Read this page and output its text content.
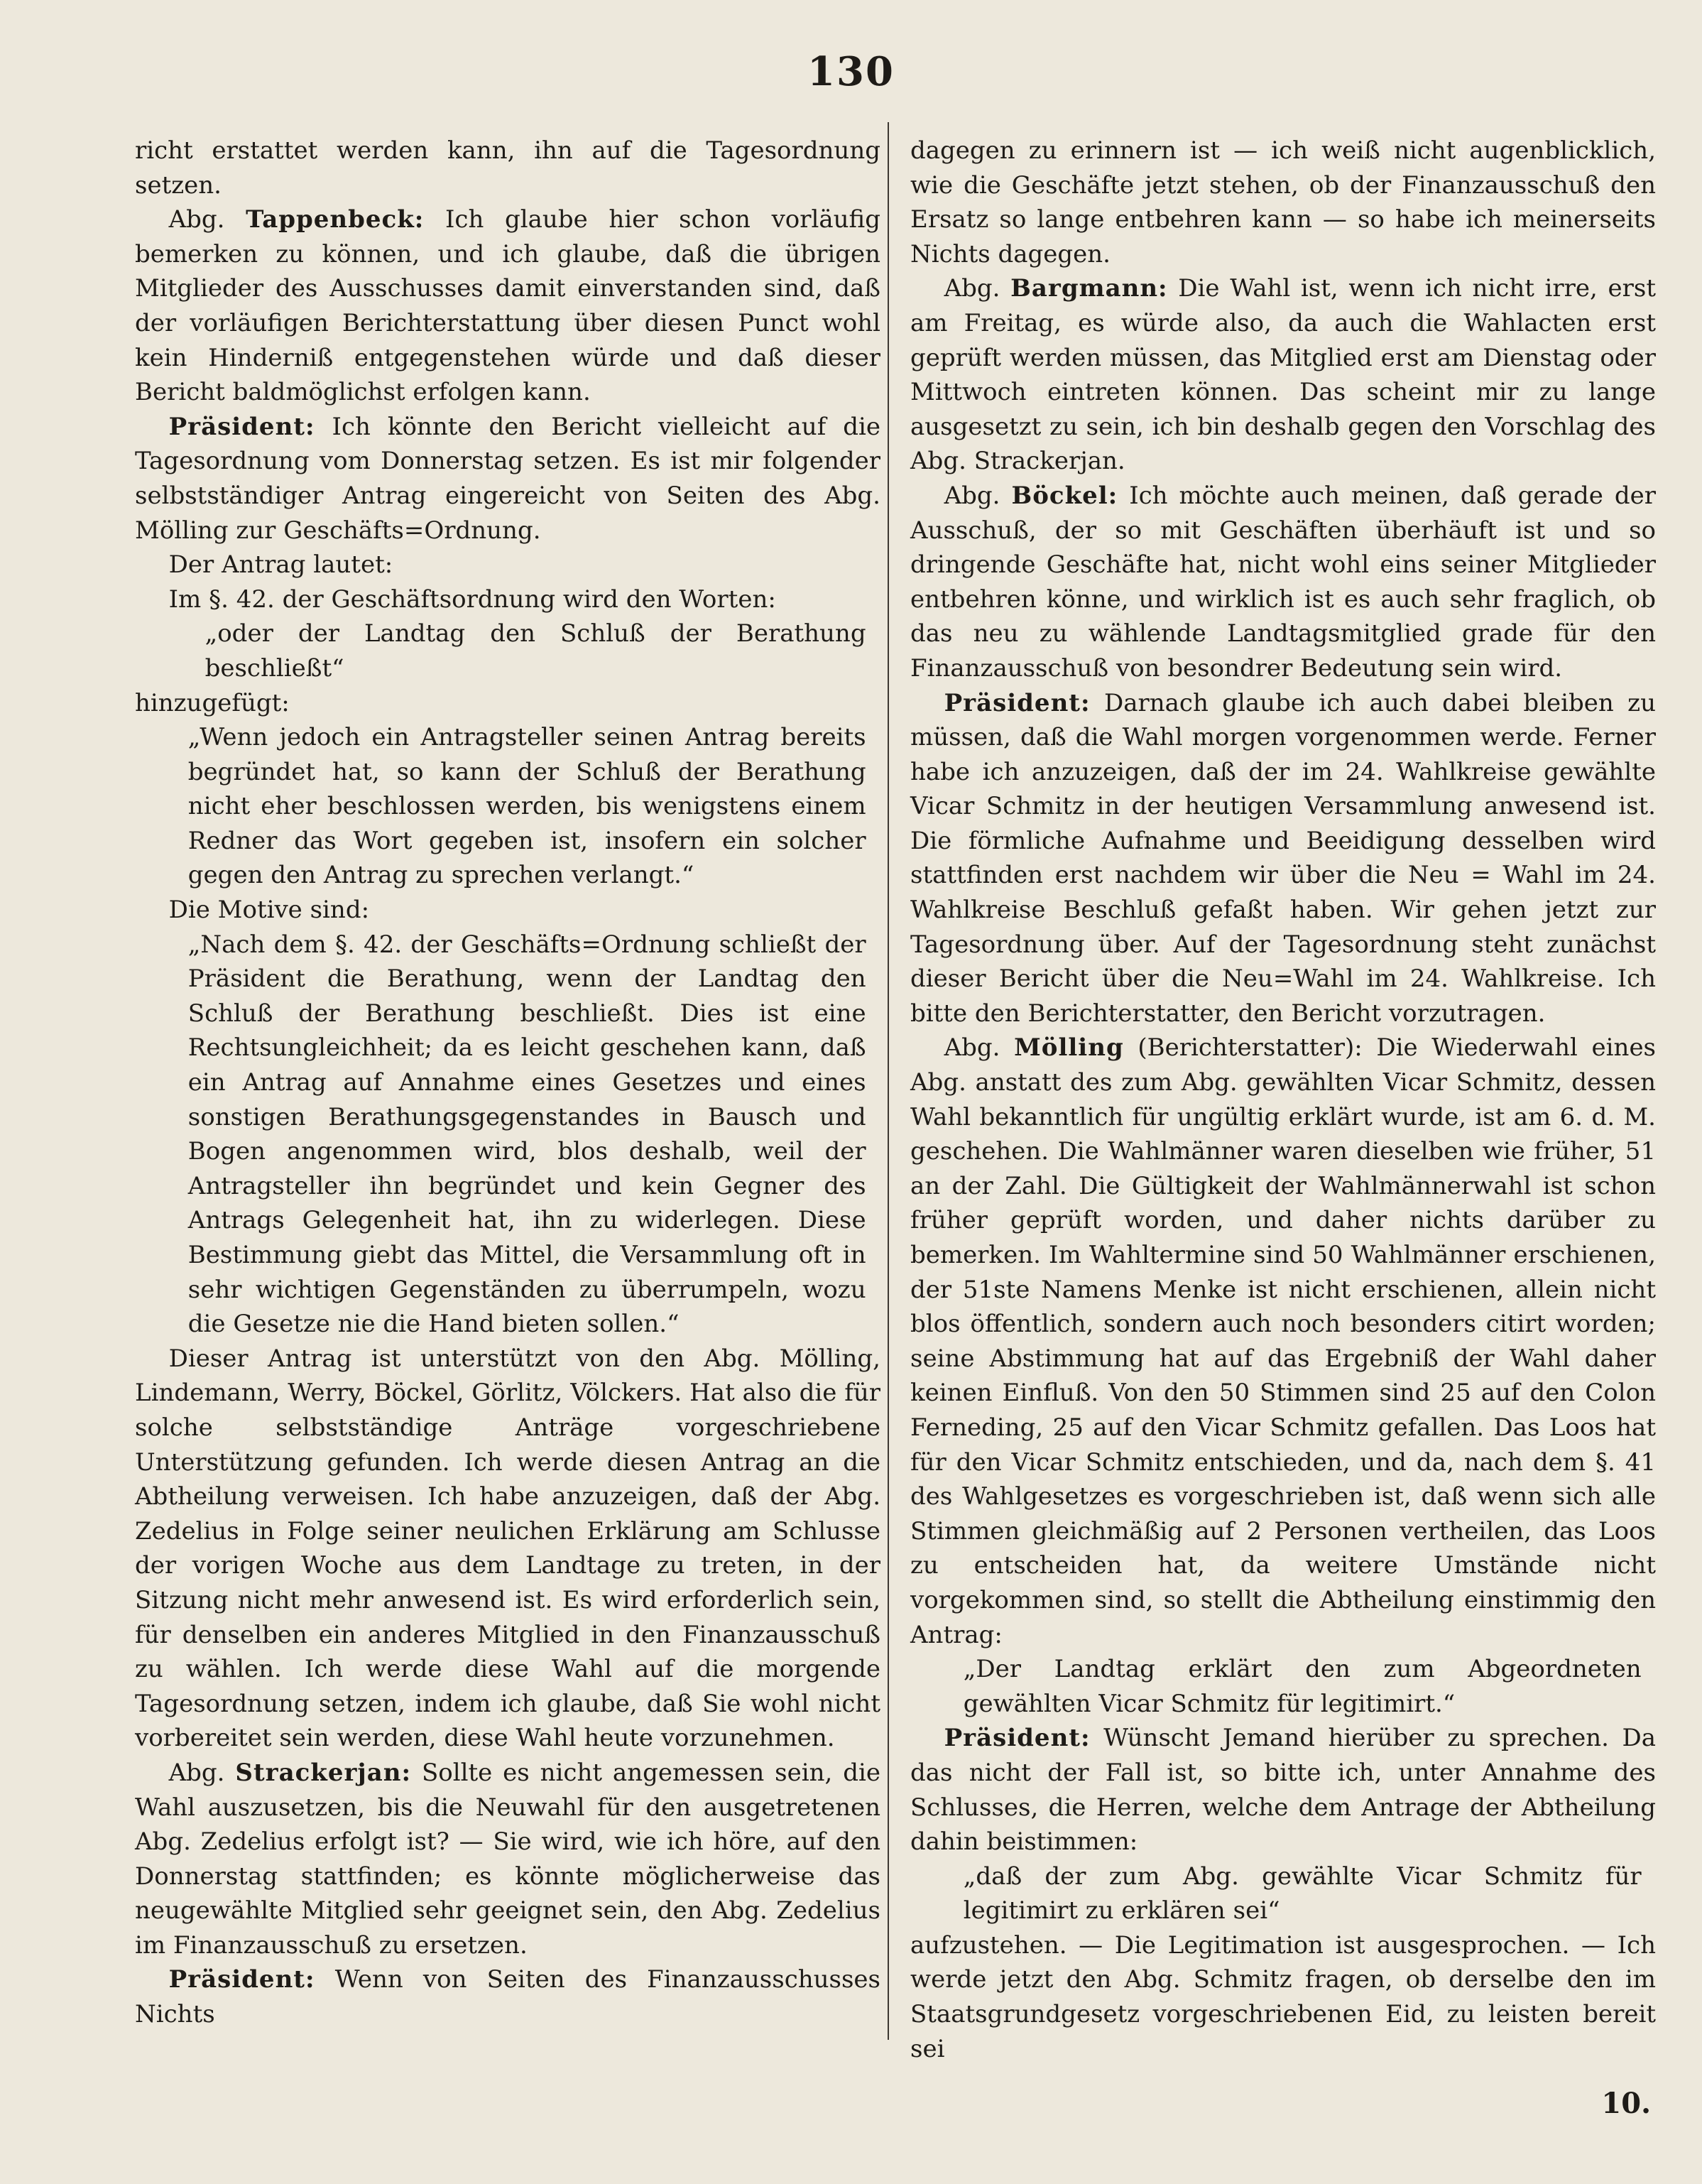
130

richt erstattet werden kann, ihn auf die Tagesordnung setzen.

Abg. Tappenbeck: Ich glaube hier schon vorläufig bemerken zu können, und ich glaube, daß die übrigen Mitglieder des Ausschusses damit einverstanden sind, daß der vorläufigen Berichterstattung über diesen Punct wohl kein Hinderniß entgegenstehen würde und daß dieser Bericht baldmöglichst erfolgen kann.

Präsident: Ich könnte den Bericht vielleicht auf die Tagesordnung vom Donnerstag setzen. Es ist mir folgender selbstständiger Antrag eingereicht von Seiten des Abg. Mölling zur Geschäfts=Ordnung.

Der Antrag lautet:

Im §. 42. der Geschäftsordnung wird den Worten:

„oder der Landtag den Schluß der Berathung beschließt“

hinzugefügt:

„Wenn jedoch ein Antragsteller seinen Antrag bereits begründet hat, so kann der Schluß der Berathung nicht eher beschlossen werden, bis wenigstens einem Redner das Wort gegeben ist, insofern ein solcher gegen den Antrag zu sprechen verlangt.“

Die Motive sind:

„Nach dem §. 42. der Geschäfts=Ordnung schließt der Präsident die Berathung, wenn der Landtag den Schluß der Berathung beschließt. Dies ist eine Rechtsungleichheit; da es leicht geschehen kann, daß ein Antrag auf Annahme eines Gesetzes und eines sonstigen Berathungsgegenstandes in Bausch und Bogen angenommen wird, blos deshalb, weil der Antragsteller ihn begründet und kein Gegner des Antrags Gelegenheit hat, ihn zu widerlegen. Diese Bestimmung giebt das Mittel, die Versammlung oft in sehr wichtigen Gegenständen zu überrumpeln, wozu die Gesetze nie die Hand bieten sollen.“

Dieser Antrag ist unterstützt von den Abg. Mölling, Lindemann, Werry, Böckel, Görlitz, Völckers. Hat also die für solche selbstständige Anträge vorgeschriebene Unterstützung gefunden. Ich werde diesen Antrag an die Abtheilung verweisen. Ich habe anzuzeigen, daß der Abg. Zedelius in Folge seiner neulichen Erklärung am Schlusse der vorigen Woche aus dem Landtage zu treten, in der Sitzung nicht mehr anwesend ist. Es wird erforderlich sein, für denselben ein anderes Mitglied in den Finanzausschuß zu wählen. Ich werde diese Wahl auf die morgende Tagesordnung setzen, indem ich glaube, daß Sie wohl nicht vorbereitet sein werden, diese Wahl heute vorzunehmen.

Abg. Strackerjan: Sollte es nicht angemessen sein, die Wahl auszusetzen, bis die Neuwahl für den ausgetretenen Abg. Zedelius erfolgt ist? — Sie wird, wie ich höre, auf den Donnerstag stattfinden; es könnte möglicherweise das neugewählte Mitglied sehr geeignet sein, den Abg. Zedelius im Finanzausschuß zu ersetzen.

Präsident: Wenn von Seiten des Finanzausschusses Nichts

dagegen zu erinnern ist — ich weiß nicht augenblicklich, wie die Geschäfte jetzt stehen, ob der Finanzausschuß den Ersatz so lange entbehren kann — so habe ich meinerseits Nichts dagegen.

Abg. Bargmann: Die Wahl ist, wenn ich nicht irre, erst am Freitag, es würde also, da auch die Wahlacten erst geprüft werden müssen, das Mitglied erst am Dienstag oder Mittwoch eintreten können. Das scheint mir zu lange ausgesetzt zu sein, ich bin deshalb gegen den Vorschlag des Abg. Strackerjan.

Abg. Böckel: Ich möchte auch meinen, daß gerade der Ausschuß, der so mit Geschäften überhäuft ist und so dringende Geschäfte hat, nicht wohl eins seiner Mitglieder entbehren könne, und wirklich ist es auch sehr fraglich, ob das neu zu wählende Landtagsmitglied grade für den Finanzausschuß von besondrer Bedeutung sein wird.

Präsident: Darnach glaube ich auch dabei bleiben zu müssen, daß die Wahl morgen vorgenommen werde. Ferner habe ich anzuzeigen, daß der im 24. Wahlkreise gewählte Vicar Schmitz in der heutigen Versammlung anwesend ist. Die förmliche Aufnahme und Beeidigung desselben wird stattfinden erst nachdem wir über die Neu = Wahl im 24. Wahlkreise Beschluß gefaßt haben. Wir gehen jetzt zur Tagesordnung über. Auf der Tagesordnung steht zunächst dieser Bericht über die Neu=Wahl im 24. Wahlkreise. Ich bitte den Berichterstatter, den Bericht vorzutragen.

Abg. Mölling (Berichterstatter): Die Wiederwahl eines Abg. anstatt des zum Abg. gewählten Vicar Schmitz, dessen Wahl bekanntlich für ungültig erklärt wurde, ist am 6. d. M. geschehen. Die Wahlmänner waren dieselben wie früher, 51 an der Zahl. Die Gültigkeit der Wahlmännerwahl ist schon früher geprüft worden, und daher nichts darüber zu bemerken. Im Wahltermine sind 50 Wahlmänner erschienen, der 51ste Namens Menke ist nicht erschienen, allein nicht blos öffentlich, sondern auch noch besonders citirt worden; seine Abstimmung hat auf das Ergebniß der Wahl daher keinen Einfluß. Von den 50 Stimmen sind 25 auf den Colon Ferneding, 25 auf den Vicar Schmitz gefallen. Das Loos hat für den Vicar Schmitz entschieden, und da, nach dem §. 41 des Wahlgesetzes es vorgeschrieben ist, daß wenn sich alle Stimmen gleichmäßig auf 2 Personen vertheilen, das Loos zu entscheiden hat, da weitere Umstände nicht vorgekommen sind, so stellt die Abtheilung einstimmig den Antrag:

„Der Landtag erklärt den zum Abgeordneten gewählten Vicar Schmitz für legitimirt.“

Präsident: Wünscht Jemand hierüber zu sprechen. Da das nicht der Fall ist, so bitte ich, unter Annahme des Schlusses, die Herren, welche dem Antrage der Abtheilung dahin beistimmen:

„daß der zum Abg. gewählte Vicar Schmitz für legitimirt zu erklären sei“

aufzustehen. — Die Legitimation ist ausgesprochen. — Ich werde jetzt den Abg. Schmitz fragen, ob derselbe den im Staatsgrundgesetz vorgeschriebenen Eid, zu leisten bereit sei

10.
